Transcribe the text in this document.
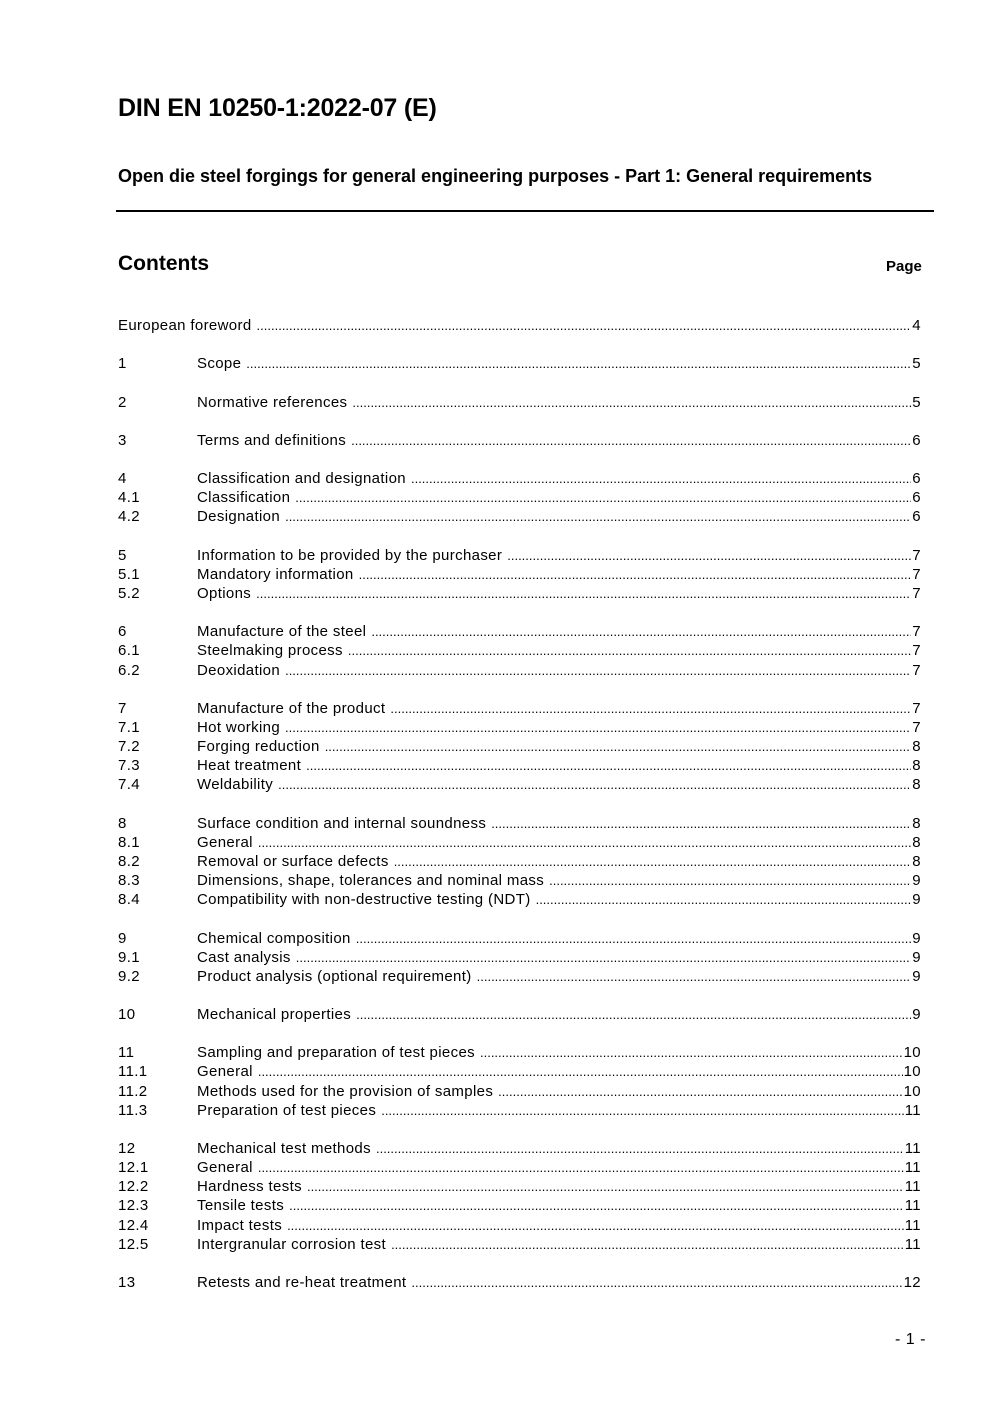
DIN EN 10250-1:2022-07 (E)
Open die steel forgings for general engineering purposes - Part 1: General requirements
Contents	Page
European foreword .....	4
1	Scope .....	5
2	Normative references .....	5
3	Terms and definitions .....	6
4	Classification and designation .....	6
4.1	Classification .....	6
4.2	Designation .....	6
5	Information to be provided by the purchaser .....	7
5.1	Mandatory information .....	7
5.2	Options .....	7
6	Manufacture of the steel .....	7
6.1	Steelmaking process .....	7
6.2	Deoxidation .....	7
7	Manufacture of the product .....	7
7.1	Hot working .....	7
7.2	Forging reduction .....	8
7.3	Heat treatment .....	8
7.4	Weldability .....	8
8	Surface condition and internal soundness .....	8
8.1	General .....	8
8.2	Removal or surface defects .....	8
8.3	Dimensions, shape, tolerances and nominal mass .....	9
8.4	Compatibility with non-destructive testing (NDT) .....	9
9	Chemical composition .....	9
9.1	Cast analysis .....	9
9.2	Product analysis (optional requirement) .....	9
10	Mechanical properties .....	9
11	Sampling and preparation of test pieces .....	10
11.1	General .....	10
11.2	Methods used for the provision of samples .....	10
11.3	Preparation of test pieces .....	11
12	Mechanical test methods .....	11
12.1	General .....	11
12.2	Hardness tests .....	11
12.3	Tensile tests .....	11
12.4	Impact tests .....	11
12.5	Intergranular corrosion test .....	11
13	Retests and re-heat treatment .....	12
- 1 -
